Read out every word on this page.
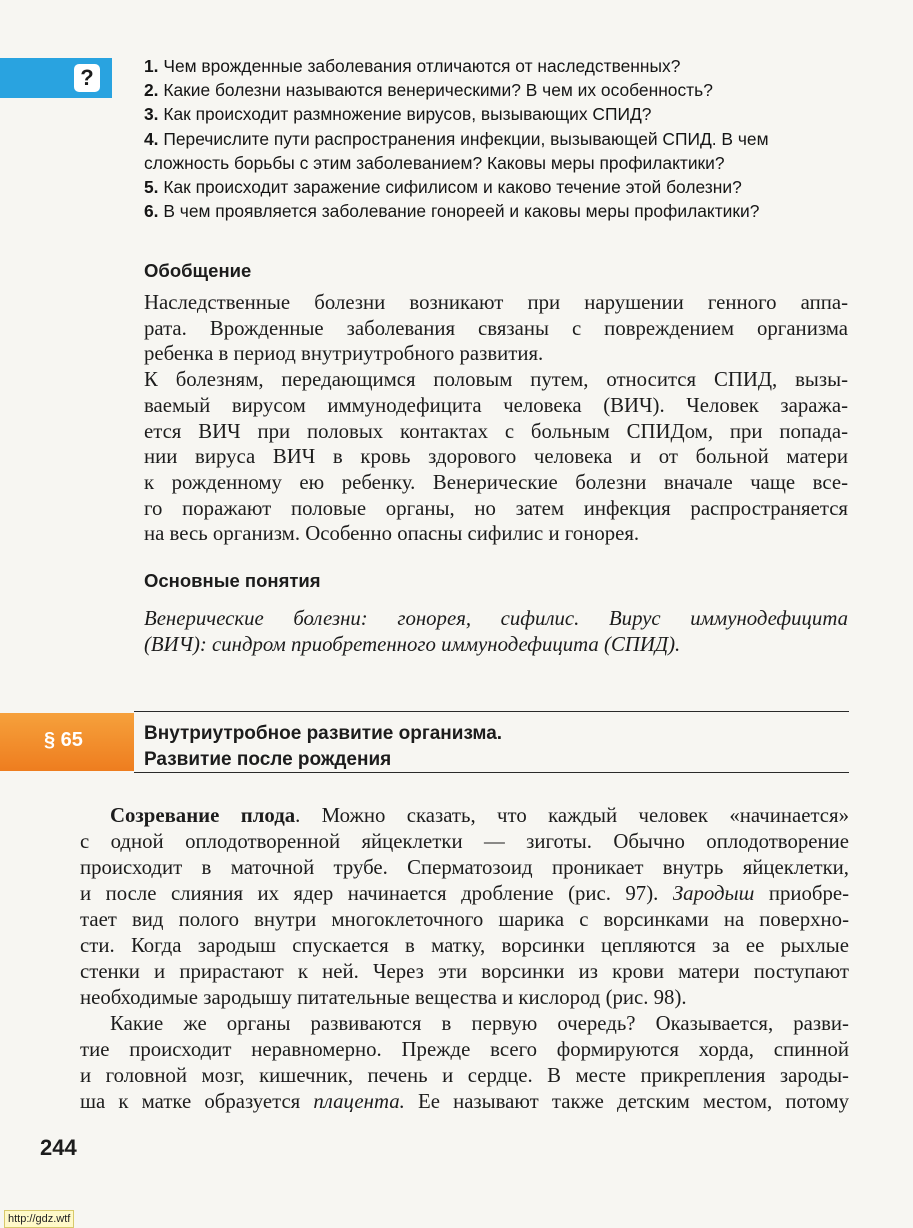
?	1. Чем врожденные заболевания отличаются от наследственных?
2. Какие болезни называются венерическими? В чем их особенность?
3. Как происходит размножение вирусов, вызывающих СПИД?
4. Перечислите пути распространения инфекции, вызывающей СПИД. В чем
сложность борьбы с этим заболеванием? Каковы меры профилактики?
5. Как происходит заражение сифилисом и каково течение этой болезни?
6. В чем проявляется заболевание гонореей и каковы меры профилактики?
Обобщение

Наследственные болезни возникают при нарушении генного аппа-
рата. Врожденные заболевания связаны с повреждением организма
ребенка в период внутриутробного развития.
К болезням, передающимся половым путем, относится СПИД, вызы-
ваемый вирусом иммунодефицита человека (ВИЧ). Человек заража-
ется ВИЧ при половых контактах с больным СПИДом, при попада-
нии вируса ВИЧ в кровь здорового человека и от больной матери
к рожденному ею ребенку. Венерические болезни вначале чаще все-
го поражают половые органы, но затем инфекция распространяется
на весь организм. Особенно опасны сифилис и гонорея.

Основные понятия

Венерические болезни: гонорея, сифилис. Вирус иммунодефицита
(ВИЧ): синдром приобретенного иммунодефицита (СПИД).

§ 65	Внутриутробное развитие организма.
Развитие после рождения

Созревание плода. Можно сказать, что каждый человек «начинается»
с одной оплодотворенной яйцеклетки — зиготы. Обычно оплодотворение
происходит в маточной трубе. Сперматозоид проникает внутрь яйцеклетки,
и после слияния их ядер начинается дробление (рис. 97). Зародыш приобре-
тает вид полого внутри многоклеточного шарика с ворсинками на поверхно-
сти. Когда зародыш спускается в матку, ворсинки цепляются за ее рыхлые
стенки и прирастают к ней. Через эти ворсинки из крови матери поступают
необходимые зародышу питательные вещества и кислород (рис. 98).
Какие же органы развиваются в первую очередь? Оказывается, разви-
тие происходит неравномерно. Прежде всего формируются хорда, спинной
и головной мозг, кишечник, печень и сердце. В месте прикрепления зароды-
ша к матке образуется плацента. Ее называют также детским местом, потому

244
http://gdz.wtf
